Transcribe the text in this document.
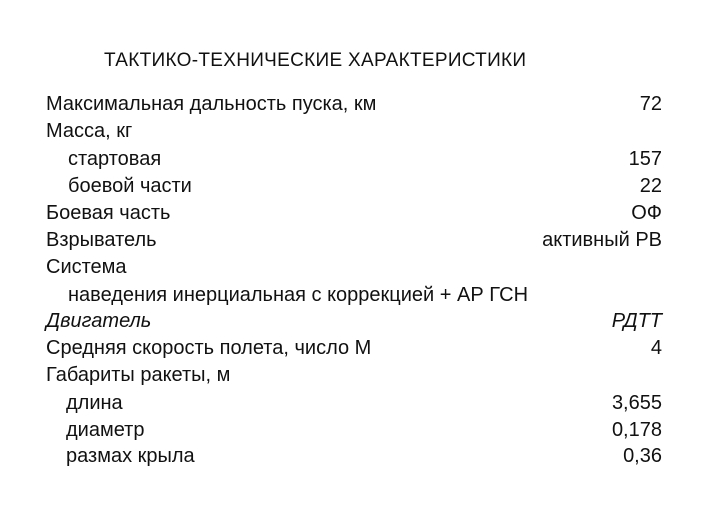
ТАКТИКО-ТЕХНИЧЕСКИЕ ХАРАКТЕРИСТИКИ
Максимальная дальность пуска, км	72
Масса, кг
стартовая	157
боевой части	22
Боевая часть	ОФ
Взрыватель	активный РВ
Система
наведения инерциальная с коррекцией + АР ГСН
Двигатель	РДТТ
Средняя скорость полета, число М	4
Габариты ракеты, м
длина	3,655
диаметр	0,178
размах крыла	0,36
